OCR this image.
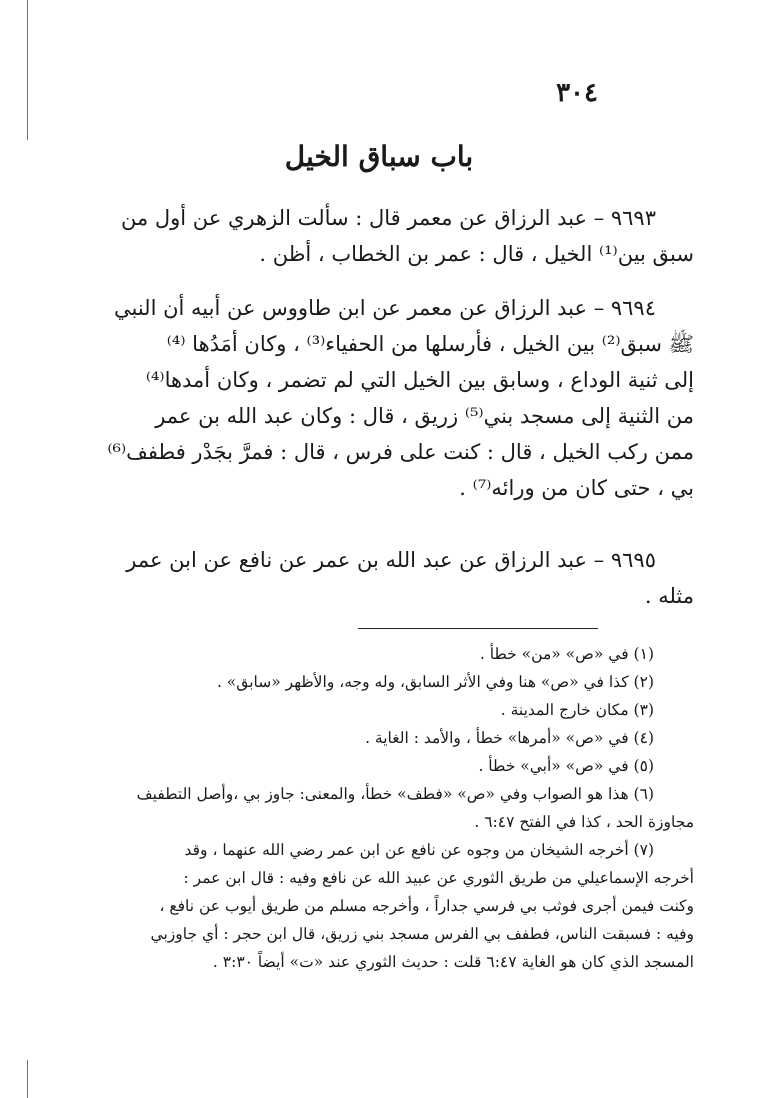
٣٠٤
باب سباق الخيل
٩٦٩٣ – عبد الرزاق عن معمر قال : سألت الزهري عن أول من
سبق بين⁽¹⁾ الخيل ، قال : عمر بن الخطاب ، أظن .
٩٦٩٤ – عبد الرزاق عن معمر عن ابن طاووس عن أبيه أن النبي
ﷺ سبق⁽²⁾ بين الخيل ، فأرسلها من الحفياء⁽³⁾ ، وكان أمَدُها ⁽⁴⁾
إلى ثنية الوداع ، وسابق بين الخيل التي لم تضمر ، وكان أمدها⁽⁴⁾
من الثنية إلى مسجد بني⁽⁵⁾ زريق ، قال : وكان عبد الله بن عمر
ممن ركب الخيل ، قال : كنت على فرس ، قال : فمرَّ بجَدْر فطفف⁽⁶⁾
بي ، حتى كان من ورائه⁽⁷⁾ .
٩٦٩٥ – عبد الرزاق عن عبد الله بن عمر عن نافع عن ابن عمر
مثله .
(١) في «ص» «من» خطأ .
(٢) كذا في «ص» هنا وفي الأثر السابق، وله وجه، والأظهر «سابق» .
(٣) مكان خارج المدينة .
(٤) في «ص» «أمرها» خطأ ، والأمد : الغاية .
(٥) في «ص» «أبي» خطأ .
(٦) هذا هو الصواب وفي «ص» «فطف» خطأ، والمعنى: جاوز بي ،وأصل التطفيف
مجاوزة الحد ، كذا في الفتح ٦:٤٧ .
(٧) أخرجه الشيخان من وجوه عن نافع عن ابن عمر رضي الله عنهما ، وقد
أخرجه الإسماعيلي من طريق الثوري عن عبيد الله عن نافع وفيه : قال ابن عمر :
وكنت فيمن أجرى فوثب بي فرسي جداراً ، وأخرجه مسلم من طريق أيوب عن نافع ،
وفيه : فسبقت الناس، فطفف بي الفرس مسجد بني زريق، قال ابن حجر : أي جاوزبي
المسجد الذي كان هو الغاية ٦:٤٧ قلت : حديث الثوري عند «ت» أيضاً ٣:٣٠ .
